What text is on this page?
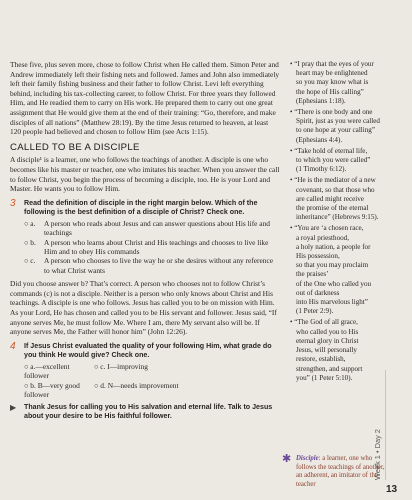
These five, plus seven more, chose to follow Christ when He called them. Simon Peter and Andrew immediately left their fishing nets and followed. James and John also immediately left their family fishing business and their father to follow Christ. Levi left everything behind, including his tax-collecting career, to follow Christ. For three years they followed Him, and He readied them to carry on His work. He prepared them to carry out one great assignment that He would give them at the end of their training: “Go, therefore, and make disciples of all nations” (Matthew 28:19). By the time Jesus returned to heaven, at least 120 people had believed and chosen to follow Him (see Acts 1:15).

CALLED TO BE A DISCIPLE

A disciple¹ is a learner, one who follows the teachings of another. A disciple is one who becomes like his master or teacher, one who imitates his teacher. When you answer the call to follow Christ, you begin the process of becoming a disciple, too. He is your Lord and Master. He wants you to follow Him.

3	Read the definition of disciple in the right margin below. Which of the following is the best definition of a disciple of Christ? Check one.
○ a.	A person who reads about Jesus and can answer questions about His life and teachings
○ b.	A person who learns about Christ and His teachings and chooses to live like Him and to obey His commands
○ c.	A person who chooses to live the way he or she desires without any reference to what Christ wants

Did you choose answer b? That’s correct. A person who chooses not to follow Christ’s commands (c) is not a disciple. Neither is a person who only knows about Christ and His teachings. A disciple is one who follows. Jesus has called you to be on mission with Him. As your Lord, He has chosen and called you to be His servant and follower. Jesus said, “If anyone serves Me, he must follow Me. Where I am, there My servant also will be. If anyone serves Me, the Father will honor him” (John 12:26).

4	If Jesus Christ evaluated the quality of your following Him, what grade do you think He would give? Check one.
○ a.—excellent follower
○ c. I—improving
○ b. B—very good follower
○ d. N—needs improvement
▶	Thank Jesus for calling you to His salvation and eternal life. Talk to Jesus about your desire to be His faithful follower.
• “I pray that the eyes of your
heart may be enlightened
so you may know what is
the hope of His calling”
(Ephesians 1:18).
• “There is one body and one
Spirit, just as you were called
to one hope at your calling”
(Ephesians 4:4).
• “Take hold of eternal life,
to which you were called”
(1 Timothy 6:12).
• “He is the mediator of a new
covenant, so that those who
are called might receive
the promise of the eternal
inheritance” (Hebrews 9:15).
• “You are ‘a chosen race,
a royal priesthood,
a holy nation, a people for
His possession,
so that you may proclaim
the praises’
of the One who called you
out of darkness
into His marvelous light”
(1 Peter 2:9).
• “The God of all grace,
who called you to His
eternal glory in Christ
Jesus, will personally
restore, establish,
strengthen, and support
you” (1 Peter 5:10).
✱ Disciple: a learner, one who follows the teachings of another, an adherent, an imitator of the teacher
Week 1 • Day 2
13
